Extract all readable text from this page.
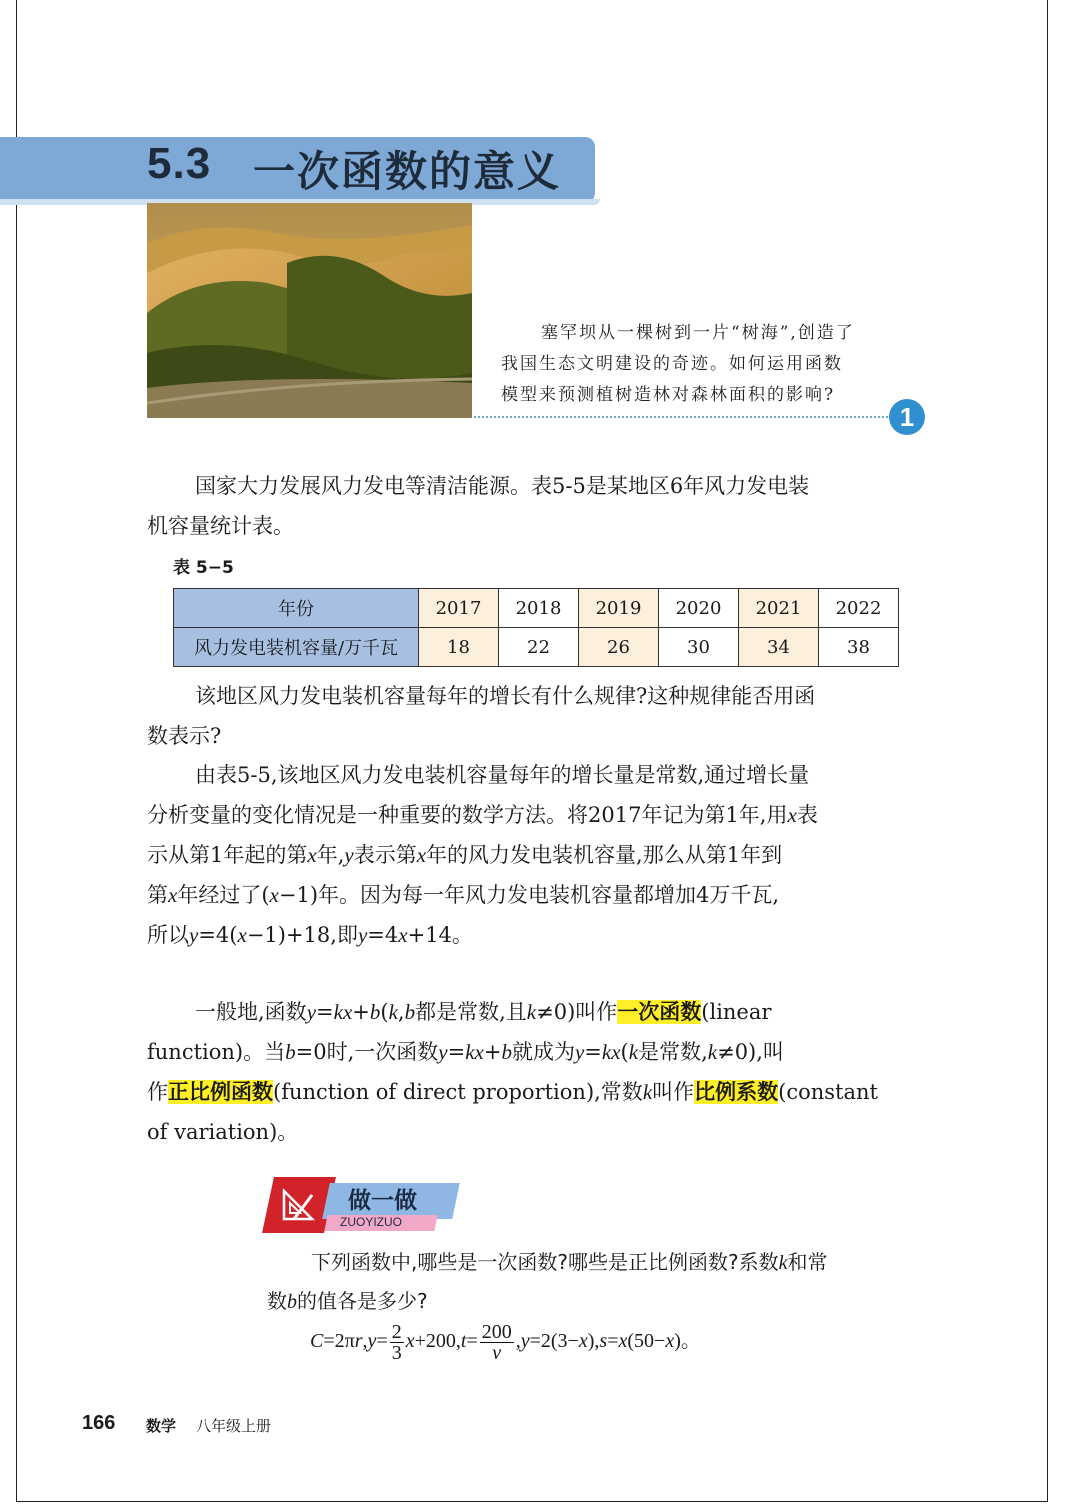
5.3 一次函数的意义
塞罕坝从一棵树到一片“树海”,创造了
我国生态文明建设的奇迹。如何运用函数
模型来预测植树造林对森林面积的影响?
1
国家大力发展风力发电等清洁能源。表5-5是某地区6年风力发电装
机容量统计表。
表 5−5
年份	2017	2018	2019	2020	2021	2022
风力发电装机容量/万千瓦	18	22	26	30	34	38
该地区风力发电装机容量每年的增长有什么规律?这种规律能否用函
数表示?
由表5-5,该地区风力发电装机容量每年的增长量是常数,通过增长量
分析变量的变化情况是一种重要的数学方法。将2017年记为第1年,用x表
示从第1年起的第x年,y表示第x年的风力发电装机容量,那么从第1年到
第x年经过了(x−1)年。因为每一年风力发电装机容量都增加4万千瓦,
所以y=4(x−1)+18,即y=4x+14。
一般地,函数y=kx+b(k,b都是常数,且k≠0)叫作一次函数(linear
function)。当b=0时,一次函数y=kx+b就成为y=kx(k是常数,k≠0),叫
作正比例函数(function of direct proportion),常数k叫作比例系数(constant
of variation)。
做一做
ZUOYIZUO
下列函数中,哪些是一次函数?哪些是正比例函数?系数k和常
数b的值各是多少?
$C=2\pi r,y= \frac{2}{3} x+200,t= \frac{200}{v} ,y=2(3-x),s=x(50-x)$。
166 数学 八年级上册
